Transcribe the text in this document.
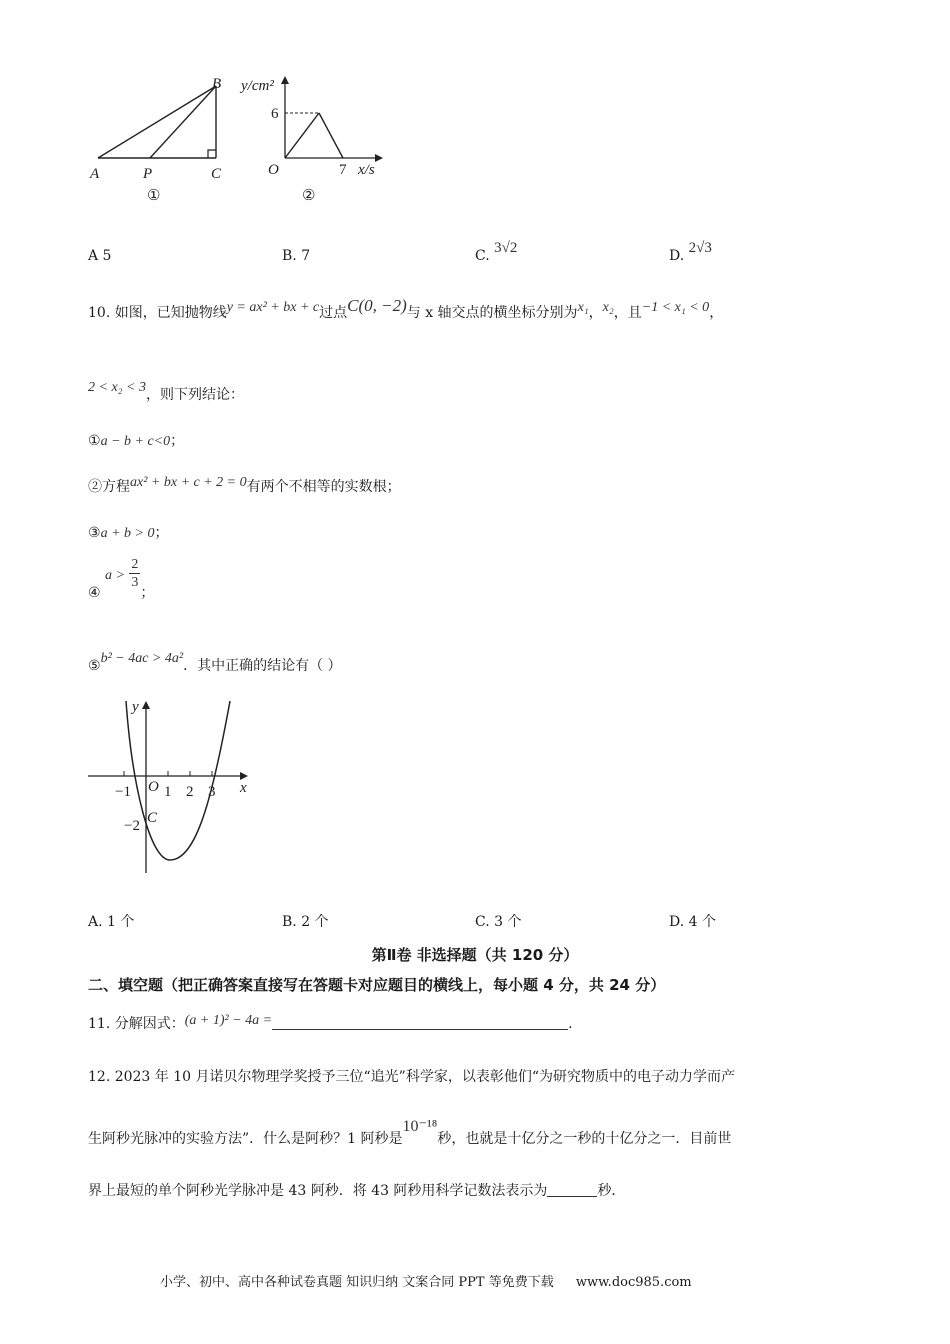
B
A	P	C
①
y/cm²
6
O	7 x/s
②
A 5	B. 7	C. 3√2	D. 2√3
10. 如图，已知抛物线y = ax² + bx + c过点C(0, −2)与 x 轴交点的横坐标分别为x₁，x₂，且−1 < x₁ < 0，
2 < x₂ < 3，则下列结论：
①a − b + c<0；
②方程ax² + bx + c + 2 = 0有两个不相等的实数根；
③a + b > 0；
④ $a > \frac{2}{3}$
；
⑤b² − 4ac > 4a²．其中正确的结论有（ ）
y
x
O
−1 1 2 3
−2 C
A. 1 个	B. 2 个	C. 3 个	D. 4 个
第Ⅱ卷 非选择题（共 120 分）
二、填空题（把正确答案直接写在答题卡对应题目的横线上，每小题 4 分，共 24 分）
11. 分解因式：(a + 1)² − 4a =	.
12. 2023 年 10 月诺贝尔物理学奖授予三位“追光”科学家，以表彰他们“为研究物质中的电子动力学而产
生阿秒光脉冲的实验方法”．什么是阿秒？1 阿秒是10⁻¹⁸秒，也就是十亿分之一秒的十亿分之一．目前世
界上最短的单个阿秒光学脉冲是 43 阿秒．将 43 阿秒用科学记数法表示为	秒．
小学、初中、高中各种试卷真题 知识归纳 文案合同 PPT 等免费下载 www.doc985.com
